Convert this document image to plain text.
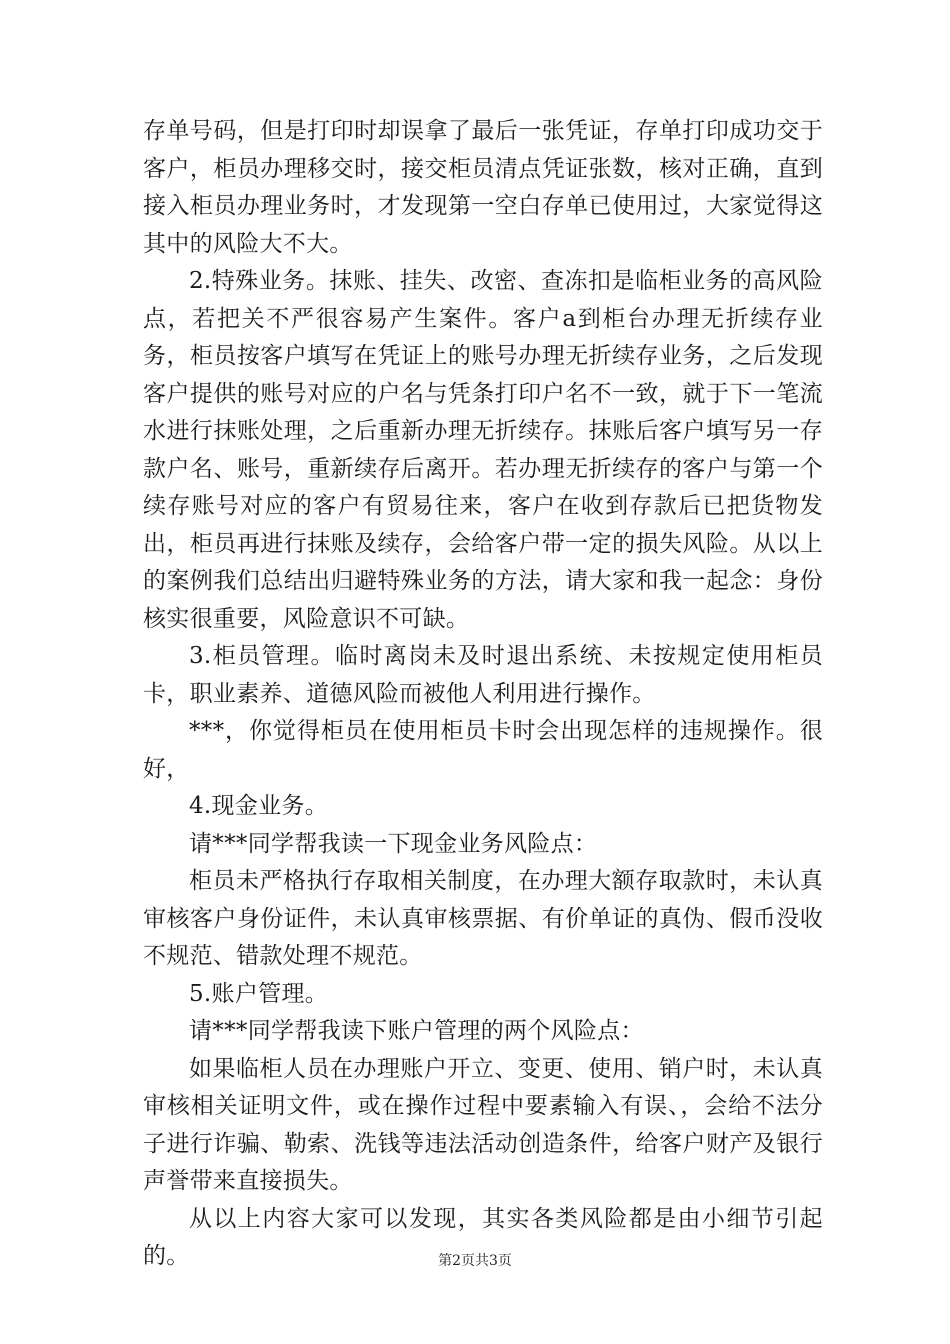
存单号码，但是打印时却误拿了最后一张凭证，存单打印成功交于客户，柜员办理移交时，接交柜员清点凭证张数，核对正确，直到接入柜员办理业务时，才发现第一空白存单已使用过，大家觉得这其中的风险大不大。

2.特殊业务。抹账、挂失、改密、查冻扣是临柜业务的高风险点，若把关不严很容易产生案件。客户a到柜台办理无折续存业务，柜员按客户填写在凭证上的账号办理无折续存业务，之后发现客户提供的账号对应的户名与凭条打印户名不一致，就于下一笔流水进行抹账处理，之后重新办理无折续存。抹账后客户填写另一存款户名、账号，重新续存后离开。若办理无折续存的客户与第一个续存账号对应的客户有贸易往来，客户在收到存款后已把货物发出，柜员再进行抹账及续存，会给客户带一定的损失风险。从以上的案例我们总结出归避特殊业务的方法，请大家和我一起念：身份核实很重要，风险意识不可缺。

3.柜员管理。临时离岗未及时退出系统、未按规定使用柜员卡，职业素养、道德风险而被他人利用进行操作。

***，你觉得柜员在使用柜员卡时会出现怎样的违规操作。很好，

4.现金业务。

请***同学帮我读一下现金业务风险点：

柜员未严格执行存取相关制度，在办理大额存取款时，未认真审核客户身份证件，未认真审核票据、有价单证的真伪、假币没收不规范、错款处理不规范。

5.账户管理。

请***同学帮我读下账户管理的两个风险点：

如果临柜人员在办理账户开立、变更、使用、销户时，未认真审核相关证明文件，或在操作过程中要素输入有误、，会给不法分子进行诈骗、勒索、洗钱等违法活动创造条件，给客户财产及银行声誉带来直接损失。

从以上内容大家可以发现，其实各类风险都是由小细节引起的。	第2页共3页
